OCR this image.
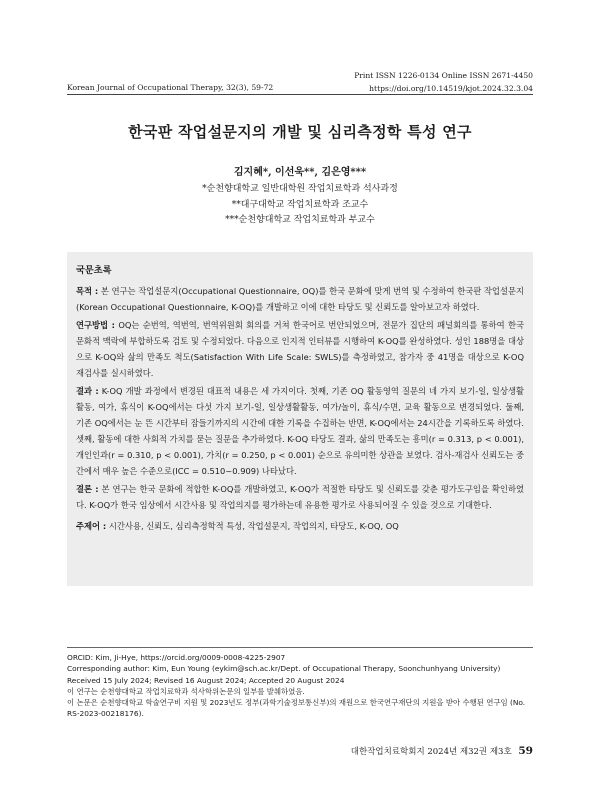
Print ISSN 1226-0134 Online ISSN 2671-4450
Korean Journal of Occupational Therapy, 32(3), 59-72	https://doi.org/10.14519/kjot.2024.32.3.04
한국판 작업설문지의 개발 및 심리측정학 특성 연구
김지혜*, 이선욱**, 김은영***
*순천향대학교 일반대학원 작업치료학과 석사과정
**대구대학교 작업치료학과 조교수
***순천향대학교 작업치료학과 부교수
국문초록
목적 : 본 연구는 작업설문지(Occupational Questionnaire, OQ)를 한국 문화에 맞게 번역 및 수정하여 한국판 작업설문지(Korean Occupational Questionnaire, K-OQ)를 개발하고 이에 대한 타당도 및 신뢰도를 알아보고자 하였다.
연구방법 : OQ는 순번역, 역번역, 번역위원회 회의를 거쳐 한국어로 번안되었으며, 전문가 집단의 패널회의를 통하여 한국 문화적 맥락에 부합하도록 검토 및 수정되었다. 다음으로 인지적 인터뷰를 시행하여 K-OQ를 완성하였다. 성인 188명을 대상으로 K-OQ와 삶의 만족도 척도(Satisfaction With Life Scale: SWLS)를 측정하였고, 참가자 중 41명을 대상으로 K-OQ 재검사를 실시하였다.
결과 : K-OQ 개발 과정에서 변경된 대표적 내용은 세 가지이다. 첫째, 기존 OQ 활동영역 질문의 네 가지 보기-일, 일상생활활동, 여가, 휴식이 K-OQ에서는 다섯 가지 보기-일, 일상생활활동, 여가/놀이, 휴식/수면, 교육 활동으로 변경되었다. 둘째, 기존 OQ에서는 눈 뜬 시간부터 잠들기까지의 시간에 대한 기록을 수집하는 반면, K-OQ에서는 24시간을 기록하도록 하였다. 셋째, 활동에 대한 사회적 가치를 묻는 질문을 추가하였다. K-OQ 타당도 결과, 삶의 만족도는 흥미(r = 0.313, p < 0.001), 개인인과(r = 0.310, p < 0.001), 가치(r = 0.250, p < 0.001) 순으로 유의미한 상관을 보였다. 검사-재검사 신뢰도는 중간에서 매우 높은 수준으로(ICC = 0.510~0.909) 나타났다.
결론 : 본 연구는 한국 문화에 적합한 K-OQ를 개발하였고, K-OQ가 적절한 타당도 및 신뢰도를 갖춘 평가도구임을 확인하였다. K-OQ가 한국 임상에서 시간사용 및 작업의지를 평가하는데 유용한 평가로 사용되어질 수 있을 것으로 기대한다.
주제어 : 시간사용, 신뢰도, 심리측정학적 특성, 작업설문지, 작업의지, 타당도, K-OQ, OQ
ORCID: Kim, Ji-Hye, https://orcid.org/0009-0008-4225-2907
Corresponding author: Kim, Eun Young (eykim@sch.ac.kr/Dept. of Occupational Therapy, Soonchunhyang University)
Received 15 July 2024; Revised 16 August 2024; Accepted 20 August 2024
이 연구는 순천향대학교 작업치료학과 석사학위논문의 일부를 발췌하였음.
이 논문은 순천향대학교 학술연구비 지원 및 2023년도 정부(과학기술정보통신부)의 재원으로 한국연구재단의 지원을 받아 수행된 연구임 (No. RS-2023-00218176).
대한작업치료학회지 2024년 제32권 제3호 59
